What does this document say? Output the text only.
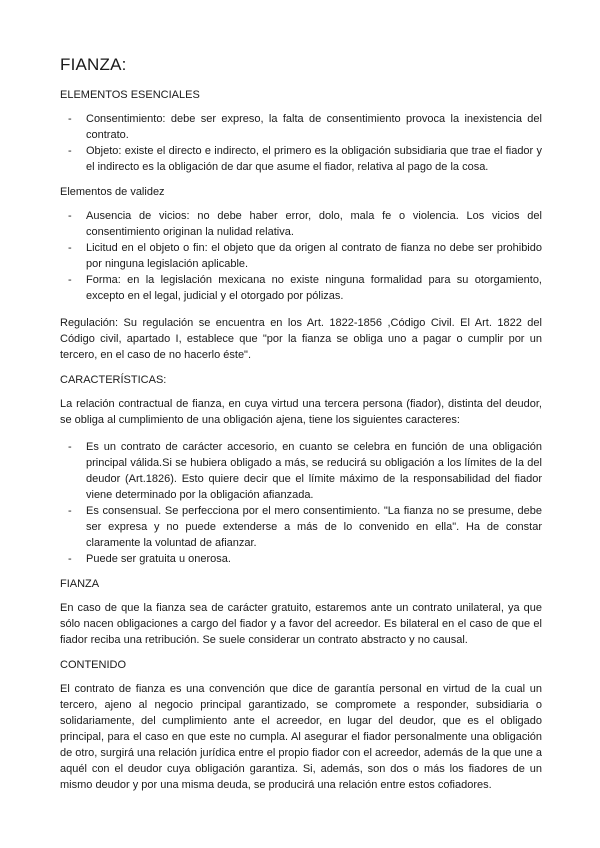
FIANZA:
ELEMENTOS ESENCIALES
- Consentimiento: debe ser expreso, la falta de consentimiento provoca la inexistencia del contrato.
- Objeto: existe el directo e indirecto, el primero es la obligación subsidiaria que trae el fiador y el indirecto es la obligación de dar que asume el fiador, relativa al pago de la cosa.
Elementos de validez
- Ausencia de vicios: no debe haber error, dolo, mala fe o violencia. Los vicios del consentimiento originan la nulidad relativa.
- Licitud en el objeto o fin: el objeto que da origen al contrato de fianza no debe ser prohibido por ninguna legislación aplicable.
- Forma: en la legislación mexicana no existe ninguna formalidad para su otorgamiento, excepto en el legal, judicial y el otorgado por pólizas.

Regulación: Su regulación se encuentra en los Art. 1822-1856 ,Código Civil. El Art. 1822 del Código civil, apartado I, establece que "por la fianza se obliga uno a pagar o cumplir por un tercero, en el caso de no hacerlo éste".

CARACTERÍSTICAS:

La relación contractual de fianza, en cuya virtud una tercera persona (fiador), distinta del deudor, se obliga al cumplimiento de una obligación ajena, tiene los siguientes caracteres:

- Es un contrato de carácter accesorio, en cuanto se celebra en función de una obligación principal válida.Si se hubiera obligado a más, se reducirá su obligación a los límites de la del deudor (Art.1826). Esto quiere decir que el límite máximo de la responsabilidad del fiador viene determinado por la obligación afianzada.
- Es consensual. Se perfecciona por el mero consentimiento. "La fianza no se presume, debe ser expresa y no puede extenderse a más de lo convenido en ella". Ha de constar claramente la voluntad de afianzar.
- Puede ser gratuita u onerosa.
FIANZA

En caso de que la fianza sea de carácter gratuito, estaremos ante un contrato unilateral, ya que sólo nacen obligaciones a cargo del fiador y a favor del acreedor. Es bilateral en el caso de que el fiador reciba una retribución. Se suele considerar un contrato abstracto y no causal.

CONTENIDO

El contrato de fianza es una convención que dice de garantía personal en virtud de la cual un tercero, ajeno al negocio principal garantizado, se compromete a responder, subsidiaria o solidariamente, del cumplimiento ante el acreedor, en lugar del deudor, que es el obligado principal, para el caso en que este no cumpla. Al asegurar el fiador personalmente una obligación de otro, surgirá una relación jurídica entre el propio fiador con el acreedor, además de la que une a aquél con el deudor cuya obligación garantiza. Si, además, son dos o más los fiadores de un mismo deudor y por una misma deuda, se producirá una relación entre estos cofiadores.
